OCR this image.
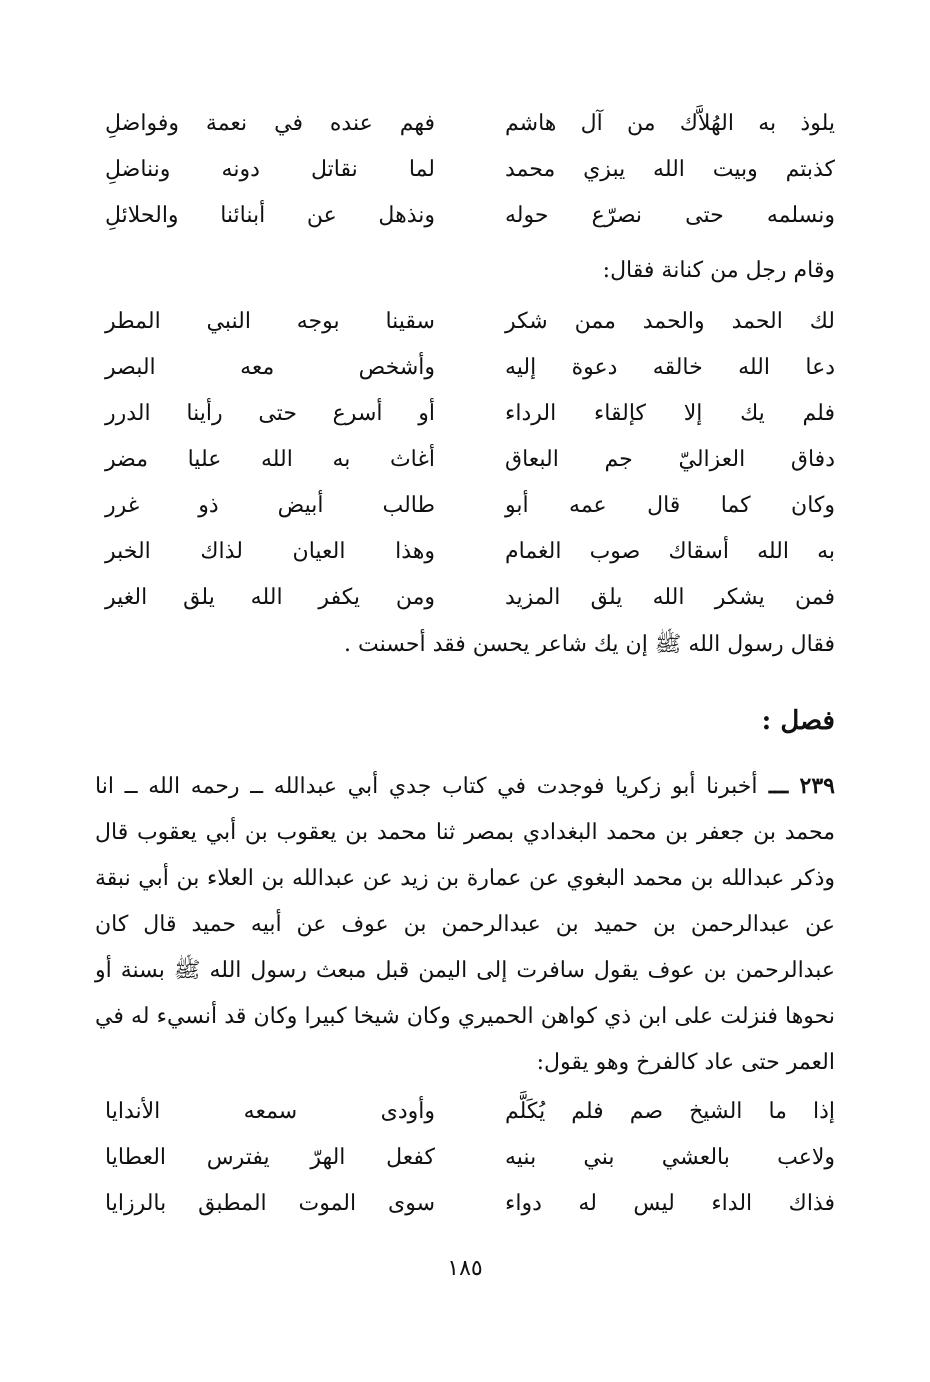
يلوذ به الهُلاَّك من آل هاشم
فهم عنده في نعمة وفواضلِ
كذبتم وبيت الله يبزي محمد
لما نقاتل دونه ونناضلِ
ونسلمه حتى نصرّع حوله
ونذهل عن أبنائنا والحلائلِ
وقام رجل من كنانة فقال:
لك الحمد والحمد ممن شكر
سقينا بوجه النبي المطر
دعا الله خالقه دعوة إليه
وأشخص معه البصر
فلم يك إلا كإلقاء الرداء
أو أسرع حتى رأينا الدرر
دفاق العزاليّ جم البعاق
أغاث به الله عليا مضر
وكان كما قال عمه أبو
طالب أبيض ذو غرر
به الله أسقاك صوب الغمام
وهذا العيان لذاك الخبر
فمن يشكر الله يلق المزيد
ومن يكفر الله يلق الغير
فقال رسول الله ﷺ إن يك شاعر يحسن فقد أحسنت .
فصل :
٢٣٩ ـــ أخبرنا أبو زكريا فوجدت في كتاب جدي أبي عبدالله ــ رحمه الله ــ انا محمد بن جعفر بن محمد البغدادي بمصر ثنا محمد بن يعقوب بن أبي يعقوب قال وذكر عبدالله بن محمد البغوي عن عمارة بن زيد عن عبدالله بن العلاء بن أبي نبقة عن عبدالرحمن بن حميد بن عبدالرحمن بن عوف عن أبيه حميد قال كان عبدالرحمن بن عوف يقول سافرت إلى اليمن قبل مبعث رسول الله ﷺ بسنة أو نحوها فنزلت على ابن ذي كواهن الحميري وكان شيخا كبيرا وكان قد أنسيء له في العمر حتى عاد كالفرخ وهو يقول:
إذا ما الشيخ صم فلم يُكَلَّم
وأودى سمعه الأندايا
ولاعب بالعشي بني بنيه
كفعل الهرّ يفترس العطايا
فذاك الداء ليس له دواء
سوى الموت المطبق بالرزايا
١٨٥
